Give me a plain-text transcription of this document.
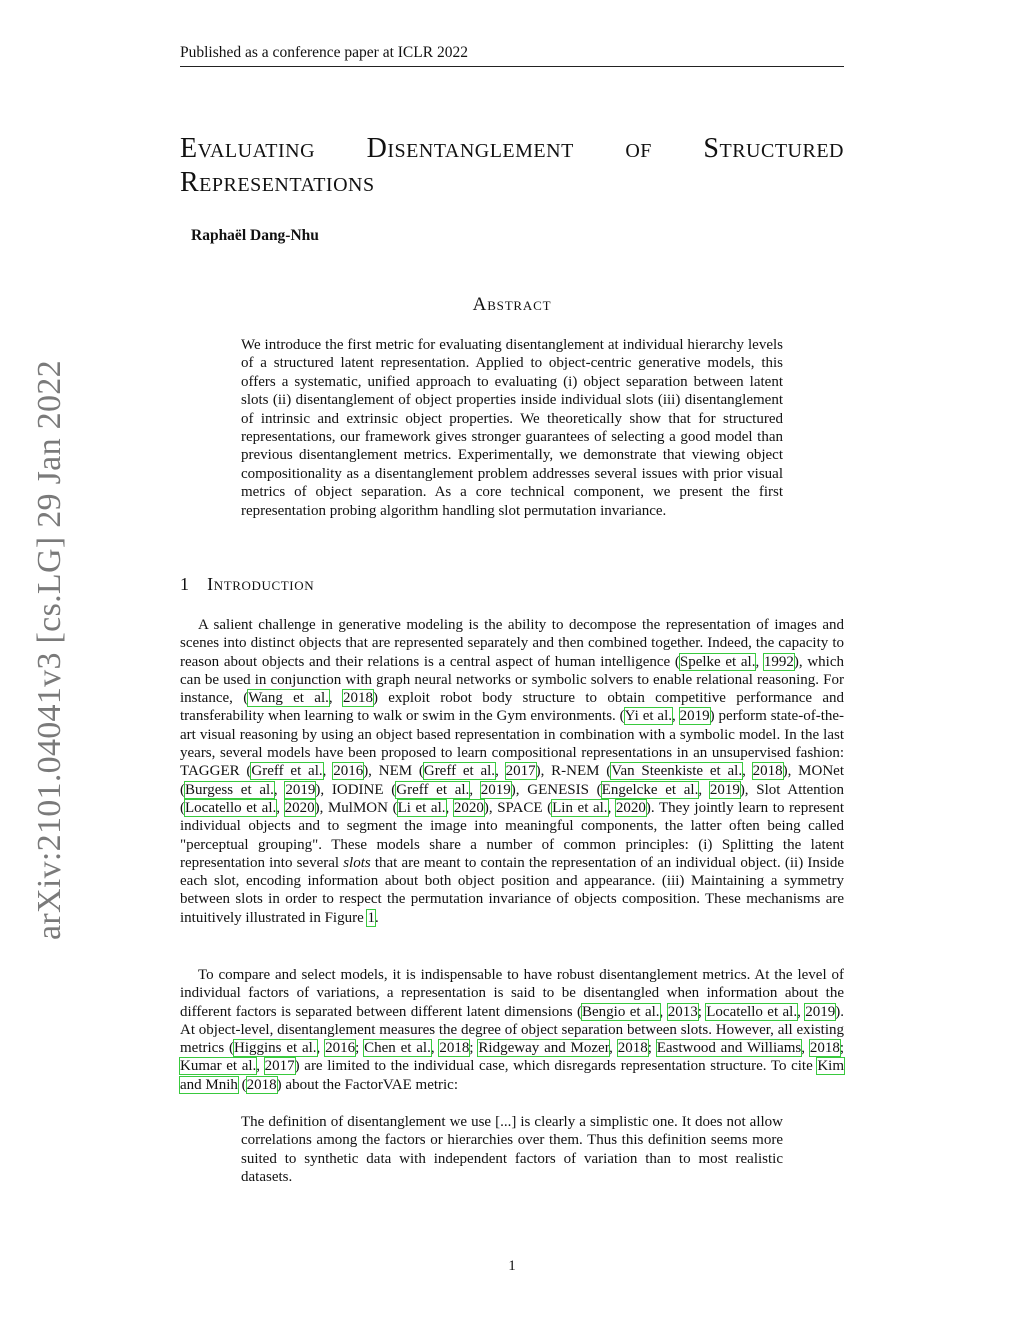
Published as a conference paper at ICLR 2022
arXiv:2101.04041v3 [cs.LG] 29 Jan 2022
Evaluating Disentanglement of Structured
Representations
Raphaël Dang-Nhu
Abstract

We introduce the first metric for evaluating disentanglement at individual hierarchy levels of a structured latent representation. Applied to object-centric generative models, this offers a systematic, unified approach to evaluating (i) object separation between latent slots (ii) disentanglement of object properties inside individual slots (iii) disentanglement of intrinsic and extrinsic object properties. We theoretically show that for structured representations, our framework gives stronger guarantees of selecting a good model than previous disentanglement metrics. Experimentally, we demonstrate that viewing object compositionality as a disentanglement problem addresses several issues with prior visual metrics of object separation. As a core technical component, we present the first representation probing algorithm handling slot permutation invariance.

1 Introduction

A salient challenge in generative modeling is the ability to decompose the representation of images and scenes into distinct objects that are represented separately and then combined together. Indeed, the capacity to reason about objects and their relations is a central aspect of human intelligence (Spelke et al., 1992), which can be used in conjunction with graph neural networks or symbolic solvers to enable relational reasoning. For instance, (Wang et al., 2018) exploit robot body structure to obtain competitive performance and transferability when learning to walk or swim in the Gym environments. (Yi et al., 2019) perform state-of-the-art visual reasoning by using an object based representation in combination with a symbolic model. In the last years, several models have been proposed to learn compositional representations in an unsupervised fashion: TAGGER (Greff et al., 2016), NEM (Greff et al., 2017), R-NEM (Van Steenkiste et al., 2018), MONet (Burgess et al., 2019), IODINE (Greff et al., 2019), GENESIS (Engelcke et al., 2019), Slot Attention (Locatello et al., 2020), MulMON (Li et al., 2020), SPACE (Lin et al., 2020). They jointly learn to represent individual objects and to segment the image into meaningful components, the latter often being called "perceptual grouping". These models share a number of common principles: (i) Splitting the latent representation into several slots that are meant to contain the representation of an individual object. (ii) Inside each slot, encoding information about both object position and appearance. (iii) Maintaining a symmetry between slots in order to respect the permutation invariance of objects composition. These mechanisms are intuitively illustrated in Figure 1.

To compare and select models, it is indispensable to have robust disentanglement metrics. At the level of individual factors of variations, a representation is said to be disentangled when information about the different factors is separated between different latent dimensions (Bengio et al., 2013; Locatello et al., 2019). At object-level, disentanglement measures the degree of object separation between slots. However, all existing metrics (Higgins et al., 2016; Chen et al., 2018; Ridgeway and Mozer, 2018; Eastwood and Williams, 2018; Kumar et al., 2017) are limited to the individual case, which disregards representation structure. To cite Kim and Mnih (2018) about the FactorVAE metric:

The definition of disentanglement we use [...] is clearly a simplistic one. It does not allow correlations among the factors or hierarchies over them. Thus this definition seems more suited to synthetic data with independent factors of variation than to most realistic datasets.

1
